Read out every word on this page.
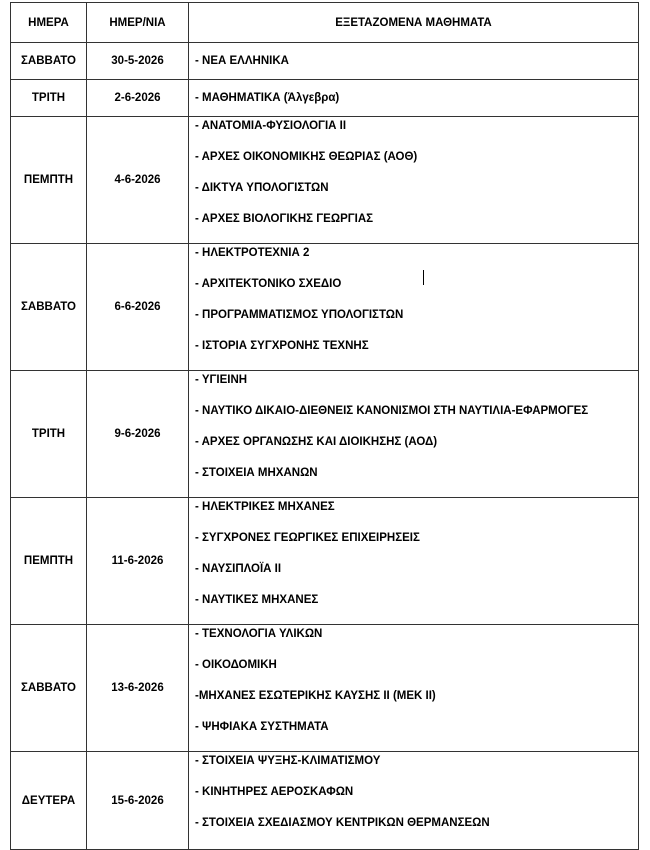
ΗΜΕΡΑ	ΗΜΕΡ/ΝΙΑ	ΕΞΕΤΑΖΟΜΕΝΑ ΜΑΘΗΜΑΤΑ
ΣΑΒΒΑΤΟ	30-5-2026	- ΝΕΑ ΕΛΛΗΝΙΚΑ

ΤΡΙΤΗ	2-6-2026	- ΜΑΘΗΜΑΤΙΚΑ (Άλγεβρα)

ΠΕΜΠΤΗ	4-6-2026	- ΑΝΑΤΟΜΙΑ-ΦΥΣΙΟΛΟΓΙΑ ΙΙ
- ΑΡΧΕΣ ΟΙΚΟΝΟΜΙΚΗΣ ΘΕΩΡΙΑΣ (ΑΟΘ)
- ΔΙΚΤΥΑ ΥΠΟΛΟΓΙΣΤΩΝ
- ΑΡΧΕΣ ΒΙΟΛΟΓΙΚΗΣ ΓΕΩΡΓΙΑΣ

ΣΑΒΒΑΤΟ	6-6-2026	- ΗΛΕΚΤΡΟΤΕΧΝΙΑ 2
- ΑΡΧΙΤΕΚΤΟΝΙΚΟ ΣΧΕΔΙΟ
- ΠΡΟΓΡΑΜΜΑΤΙΣΜΟΣ ΥΠΟΛΟΓΙΣΤΩΝ
- ΙΣΤΟΡΙΑ ΣΥΓΧΡΟΝΗΣ ΤΕΧΝΗΣ

ΤΡΙΤΗ	9-6-2026	- ΥΓΙΕΙΝΗ
- ΝΑΥΤΙΚΟ ΔΙΚΑΙΟ-ΔΙΕΘΝΕΙΣ ΚΑΝΟΝΙΣΜΟΙ ΣΤΗ ΝΑΥΤΙΛΙΑ-ΕΦΑΡΜΟΓΕΣ
- ΑΡΧΕΣ ΟΡΓΑΝΩΣΗΣ ΚΑΙ ΔΙΟΙΚΗΣΗΣ (ΑΟΔ)
- ΣΤΟΙΧΕΙΑ ΜΗΧΑΝΩΝ

ΠΕΜΠΤΗ	11-6-2026	- ΗΛΕΚΤΡΙΚΕΣ ΜΗΧΑΝΕΣ
- ΣΥΓΧΡΟΝΕΣ ΓΕΩΡΓΙΚΕΣ ΕΠΙΧΕΙΡΗΣΕΙΣ
- ΝΑΥΣΙΠΛΟΪΑ ΙΙ
- ΝΑΥΤΙΚΕΣ ΜΗΧΑΝΕΣ

ΣΑΒΒΑΤΟ	13-6-2026	- ΤΕΧΝΟΛΟΓΙΑ ΥΛΙΚΩΝ
- ΟΙΚΟΔΟΜΙΚΗ
-ΜΗΧΑΝΕΣ ΕΣΩΤΕΡΙΚΗΣ ΚΑΥΣΗΣ ΙΙ (ΜΕΚ ΙΙ)
- ΨΗΦΙΑΚΑ ΣΥΣΤΗΜΑΤΑ

ΔΕΥΤΕΡΑ	15-6-2026	- ΣΤΟΙΧΕΙΑ ΨΥΞΗΣ-ΚΛΙΜΑΤΙΣΜΟΥ
- ΚΙΝΗΤΗΡΕΣ ΑΕΡΟΣΚΑΦΩΝ
- ΣΤΟΙΧΕΙΑ ΣΧΕΔΙΑΣΜΟΥ ΚΕΝΤΡΙΚΩΝ ΘΕΡΜΑΝΣΕΩΝ
